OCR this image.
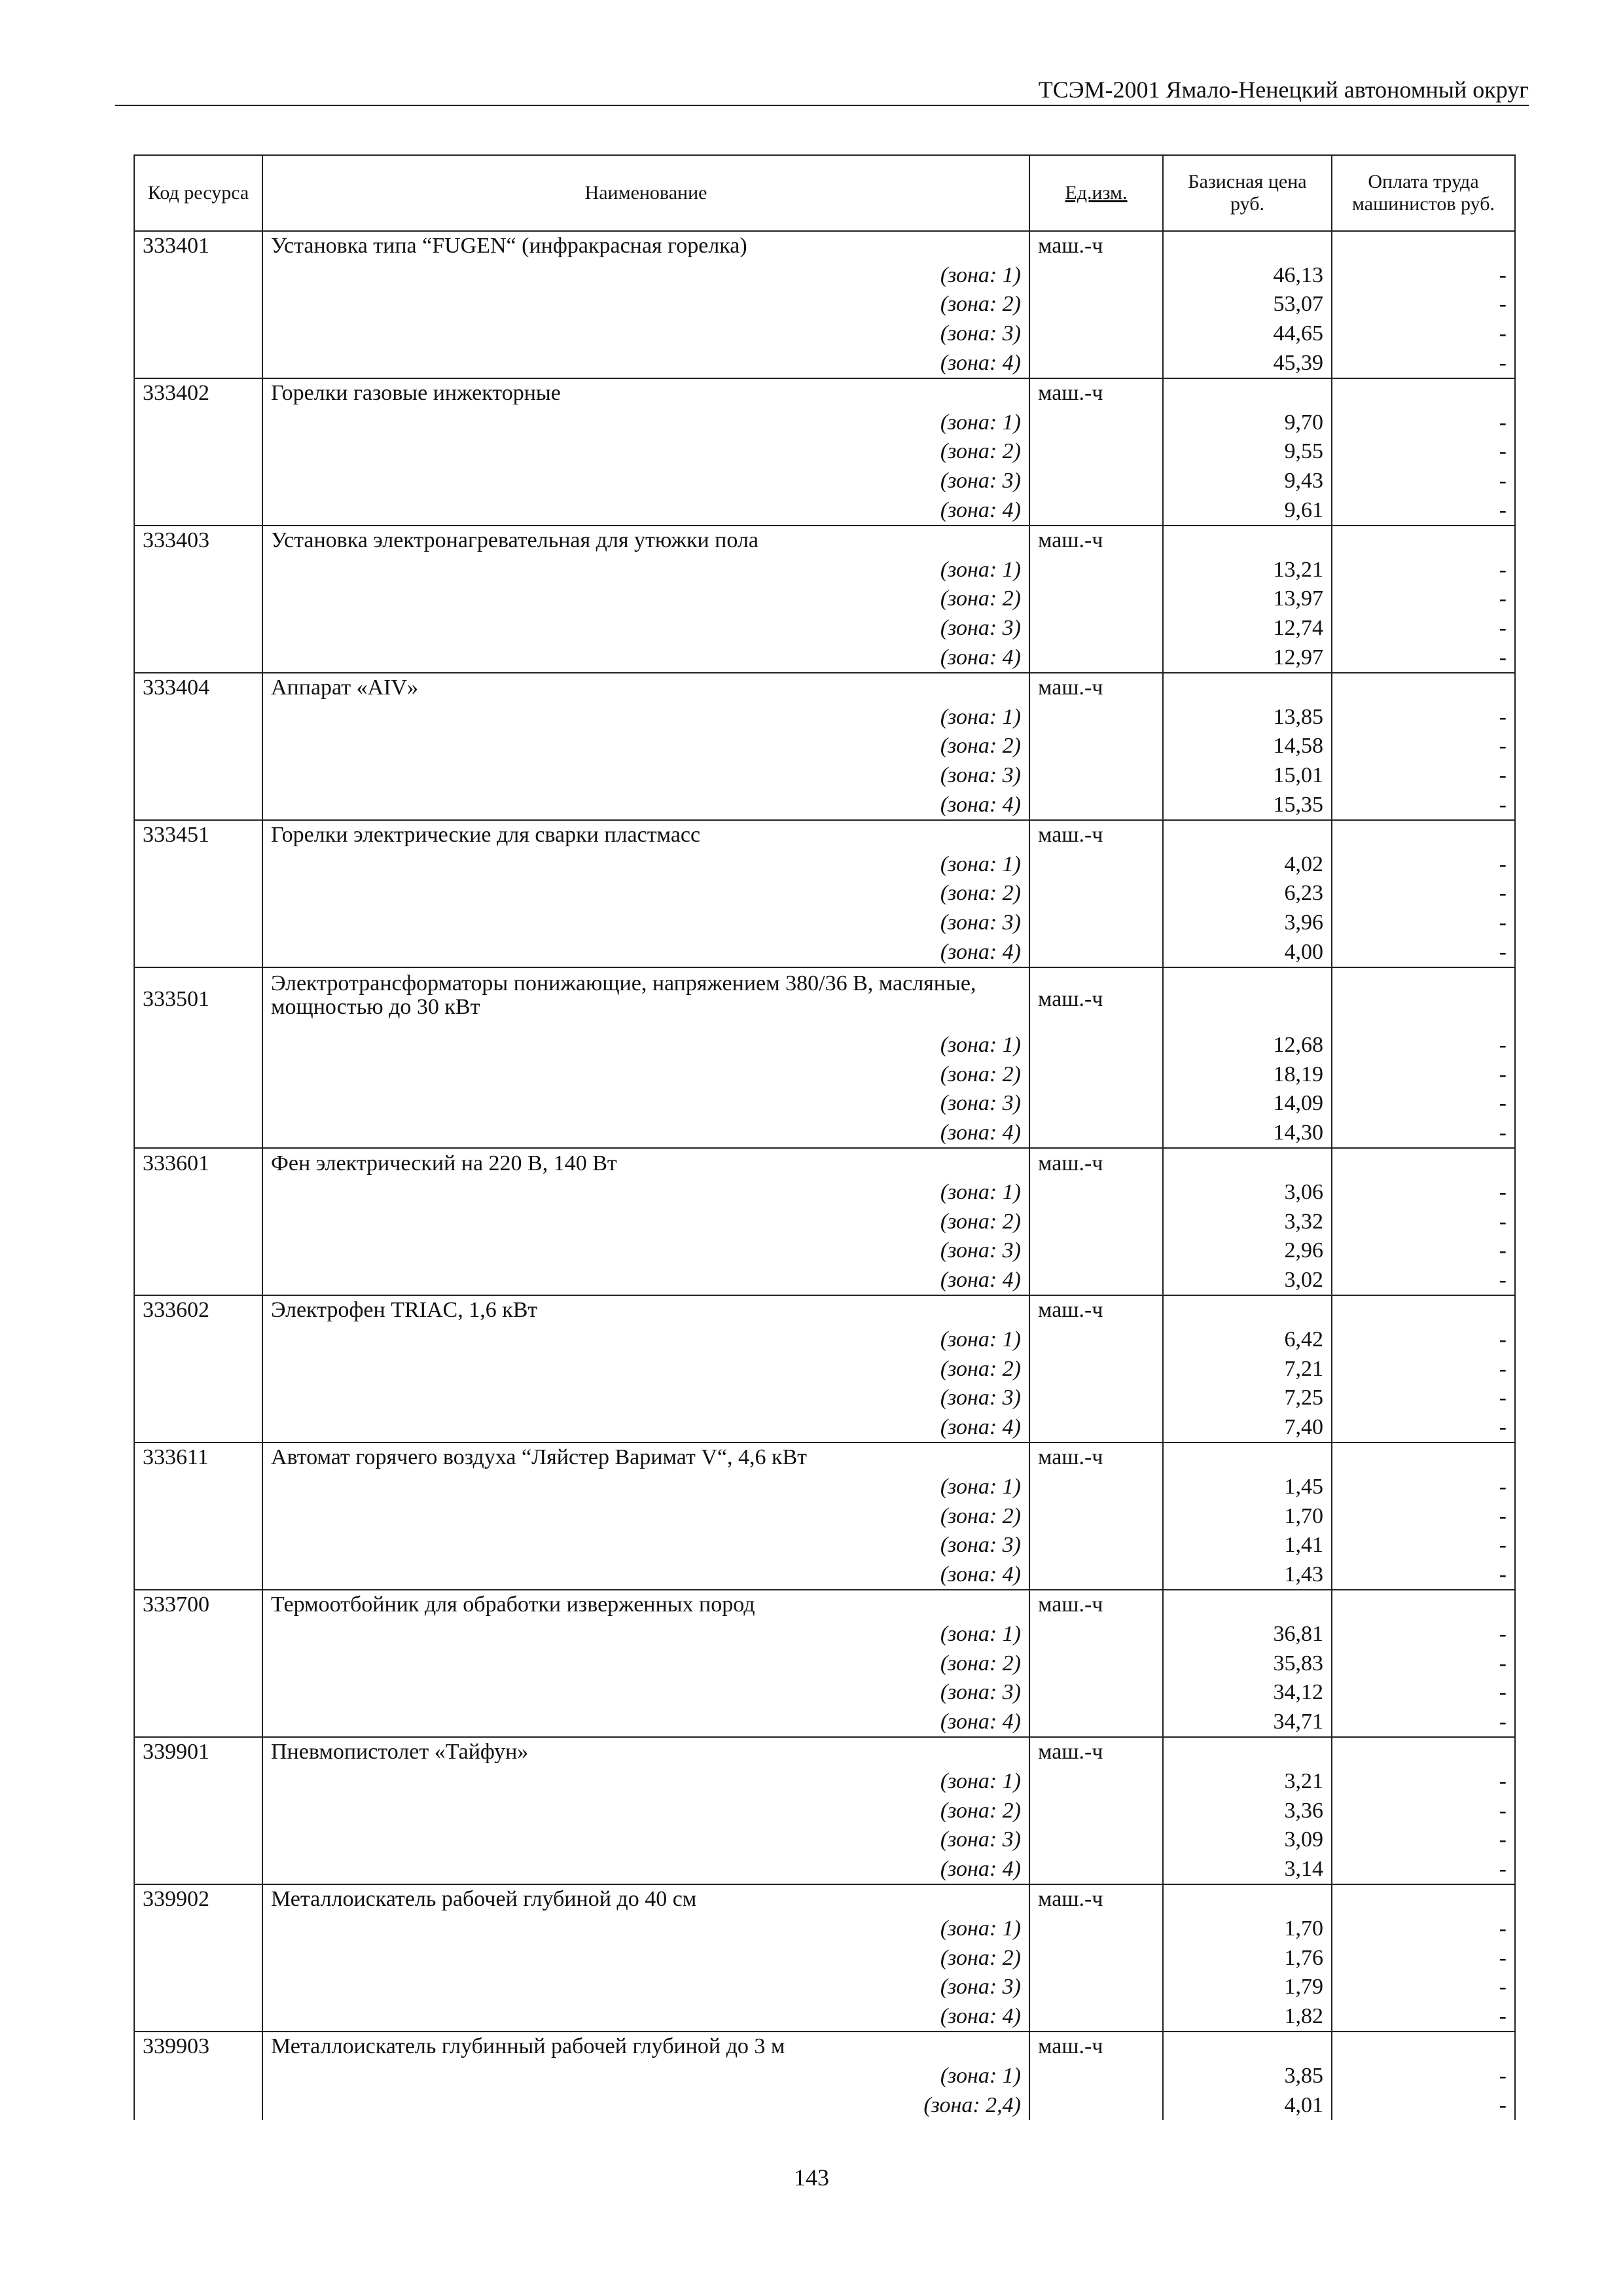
ТСЭМ-2001 Ямало-Ненецкий автономный округ
Код ресурса	Наименование	Ед.изм.	Базисная цена руб.	Оплата труда машинистов руб.
333401	Установка типа “FUGEN“ (инфракрасная горелка)	маш.-ч		
	(зона: 1)		46,13	-
	(зона: 2)		53,07	-
	(зона: 3)		44,65	-
	(зона: 4)		45,39	-
333402	Горелки газовые инжекторные	маш.-ч		
	(зона: 1)		9,70	-
	(зона: 2)		9,55	-
	(зона: 3)		9,43	-
	(зона: 4)		9,61	-
333403	Установка электронагревательная для утюжки пола	маш.-ч		
	(зона: 1)		13,21	-
	(зона: 2)		13,97	-
	(зона: 3)		12,74	-
	(зона: 4)		12,97	-
333404	Аппарат «AIV»	маш.-ч		
	(зона: 1)		13,85	-
	(зона: 2)		14,58	-
	(зона: 3)		15,01	-
	(зона: 4)		15,35	-
333451	Горелки электрические для сварки пластмасс	маш.-ч		
	(зона: 1)		4,02	-
	(зона: 2)		6,23	-
	(зона: 3)		3,96	-
	(зона: 4)		4,00	-
333501	Электротрансформаторы понижающие, напряжением 380/36 В, масляные, мощностью до 30 кВт	маш.-ч		
	(зона: 1)		12,68	-
	(зона: 2)		18,19	-
	(зона: 3)		14,09	-
	(зона: 4)		14,30	-
333601	Фен электрический на 220 В, 140 Вт	маш.-ч		
	(зона: 1)		3,06	-
	(зона: 2)		3,32	-
	(зона: 3)		2,96	-
	(зона: 4)		3,02	-
333602	Электрофен TRIAC, 1,6 кВт	маш.-ч		
	(зона: 1)		6,42	-
	(зона: 2)		7,21	-
	(зона: 3)		7,25	-
	(зона: 4)		7,40	-
333611	Автомат горячего воздуха “Ляйстер Варимат V“, 4,6 кВт	маш.-ч		
	(зона: 1)		1,45	-
	(зона: 2)		1,70	-
	(зона: 3)		1,41	-
	(зона: 4)		1,43	-
333700	Термоотбойник для обработки изверженных пород	маш.-ч		
	(зона: 1)		36,81	-
	(зона: 2)		35,83	-
	(зона: 3)		34,12	-
	(зона: 4)		34,71	-
339901	Пневмопистолет «Тайфун»	маш.-ч		
	(зона: 1)		3,21	-
	(зона: 2)		3,36	-
	(зона: 3)		3,09	-
	(зона: 4)		3,14	-
339902	Металлоискатель рабочей глубиной до 40 см	маш.-ч		
	(зона: 1)		1,70	-
	(зона: 2)		1,76	-
	(зона: 3)		1,79	-
	(зона: 4)		1,82	-
339903	Металлоискатель глубинный рабочей глубиной до 3 м	маш.-ч		
	(зона: 1)		3,85	-
	(зона: 2,4)		4,01	-
143
